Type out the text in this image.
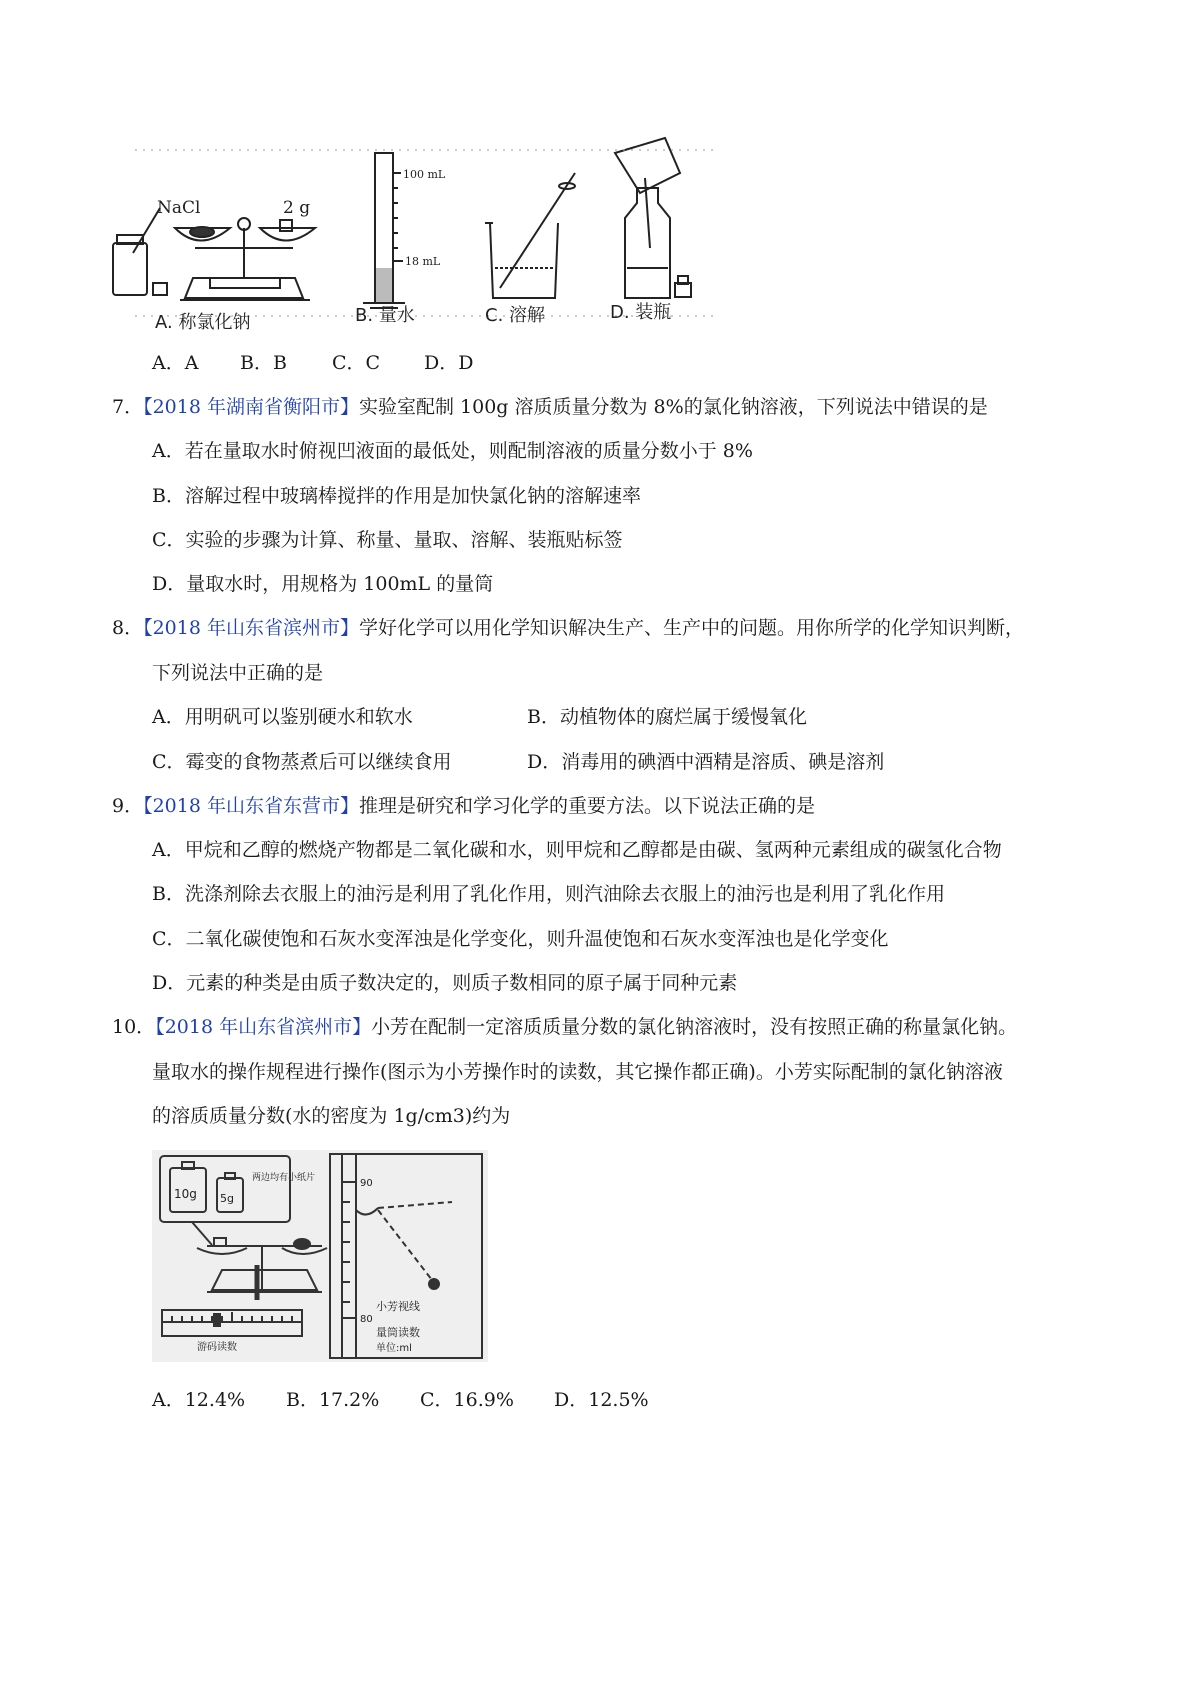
NaCl	2 g
100 mL
18 mL
A. 称氯化钠	B. 量水	C. 溶解	D. 装瓶
A．A B．B C．C D．D
7．【2018 年湖南省衡阳市】实验室配制 100g 溶质质量分数为 8%的氯化钠溶液，下列说法中错误的是
A．若在量取水时俯视凹液面的最低处，则配制溶液的质量分数小于 8%
B．溶解过程中玻璃棒搅拌的作用是加快氯化钠的溶解速率
C．实验的步骤为计算、称量、量取、溶解、装瓶贴标签
D．量取水时，用规格为 100mL 的量筒
8．【2018 年山东省滨州市】学好化学可以用化学知识解决生产、生产中的问题。用你所学的化学知识判断，
下列说法中正确的是
A．用明矾可以鉴别硬水和软水	B．动植物体的腐烂属于缓慢氧化
C．霉变的食物蒸煮后可以继续食用	D．消毒用的碘酒中酒精是溶质、碘是溶剂
9．【2018 年山东省东营市】推理是研究和学习化学的重要方法。以下说法正确的是
A．甲烷和乙醇的燃烧产物都是二氧化碳和水，则甲烷和乙醇都是由碳、氢两种元素组成的碳氢化合物
B．洗涤剂除去衣服上的油污是利用了乳化作用，则汽油除去衣服上的油污也是利用了乳化作用
C．二氧化碳使饱和石灰水变浑浊是化学变化，则升温使饱和石灰水变浑浊也是化学变化
D．元素的种类是由质子数决定的，则质子数相同的原子属于同种元素
10．【2018 年山东省滨州市】小芳在配制一定溶质质量分数的氯化钠溶液时，没有按照正确的称量氯化钠。
量取水的操作规程进行操作(图示为小芳操作时的读数，其它操作都正确)。小芳实际配制的氯化钠溶液
的溶质质量分数(水的密度为 1g/cm3)约为
10g 5g
两边均有小纸片	90
80
小芳视线
量筒读数
单位:ml
游码读数
A．12.4% B．17.2% C．16.9% D．12.5%
